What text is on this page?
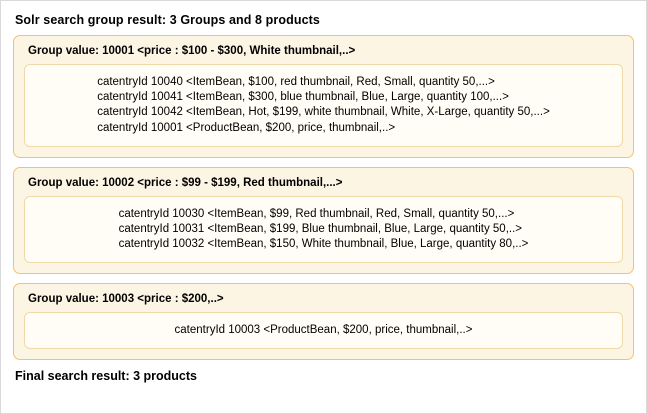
Solr search group result: 3 Groups and 8 products
Group value: 10001 <price : $100 - $300, White thumbnail,..>
catentryId 10040 <ItemBean, $100, red thumbnail, Red, Small, quantity 50,...>
catentryId 10041 <ItemBean, $300, blue thumbnail, Blue, Large, quantity 100,...>
catentryId 10042 <ItemBean, Hot, $199, white thumbnail, White, X-Large, quantity 50,...>
catentryId 10001 <ProductBean, $200, price, thumbnail,..>
Group value: 10002 <price : $99 - $199, Red thumbnail,...>
catentryId 10030 <ItemBean, $99, Red thumbnail, Red, Small, quantity 50,...>
catentryId 10031 <ItemBean, $199, Blue thumbnail, Blue, Large, quantity 50,..>
catentryId 10032 <ItemBean, $150, White thumbnail, Blue, Large, quantity 80,..>
Group value: 10003 <price : $200,..>
catentryId 10003 <ProductBean, $200, price, thumbnail,..>
Final search result: 3 products
